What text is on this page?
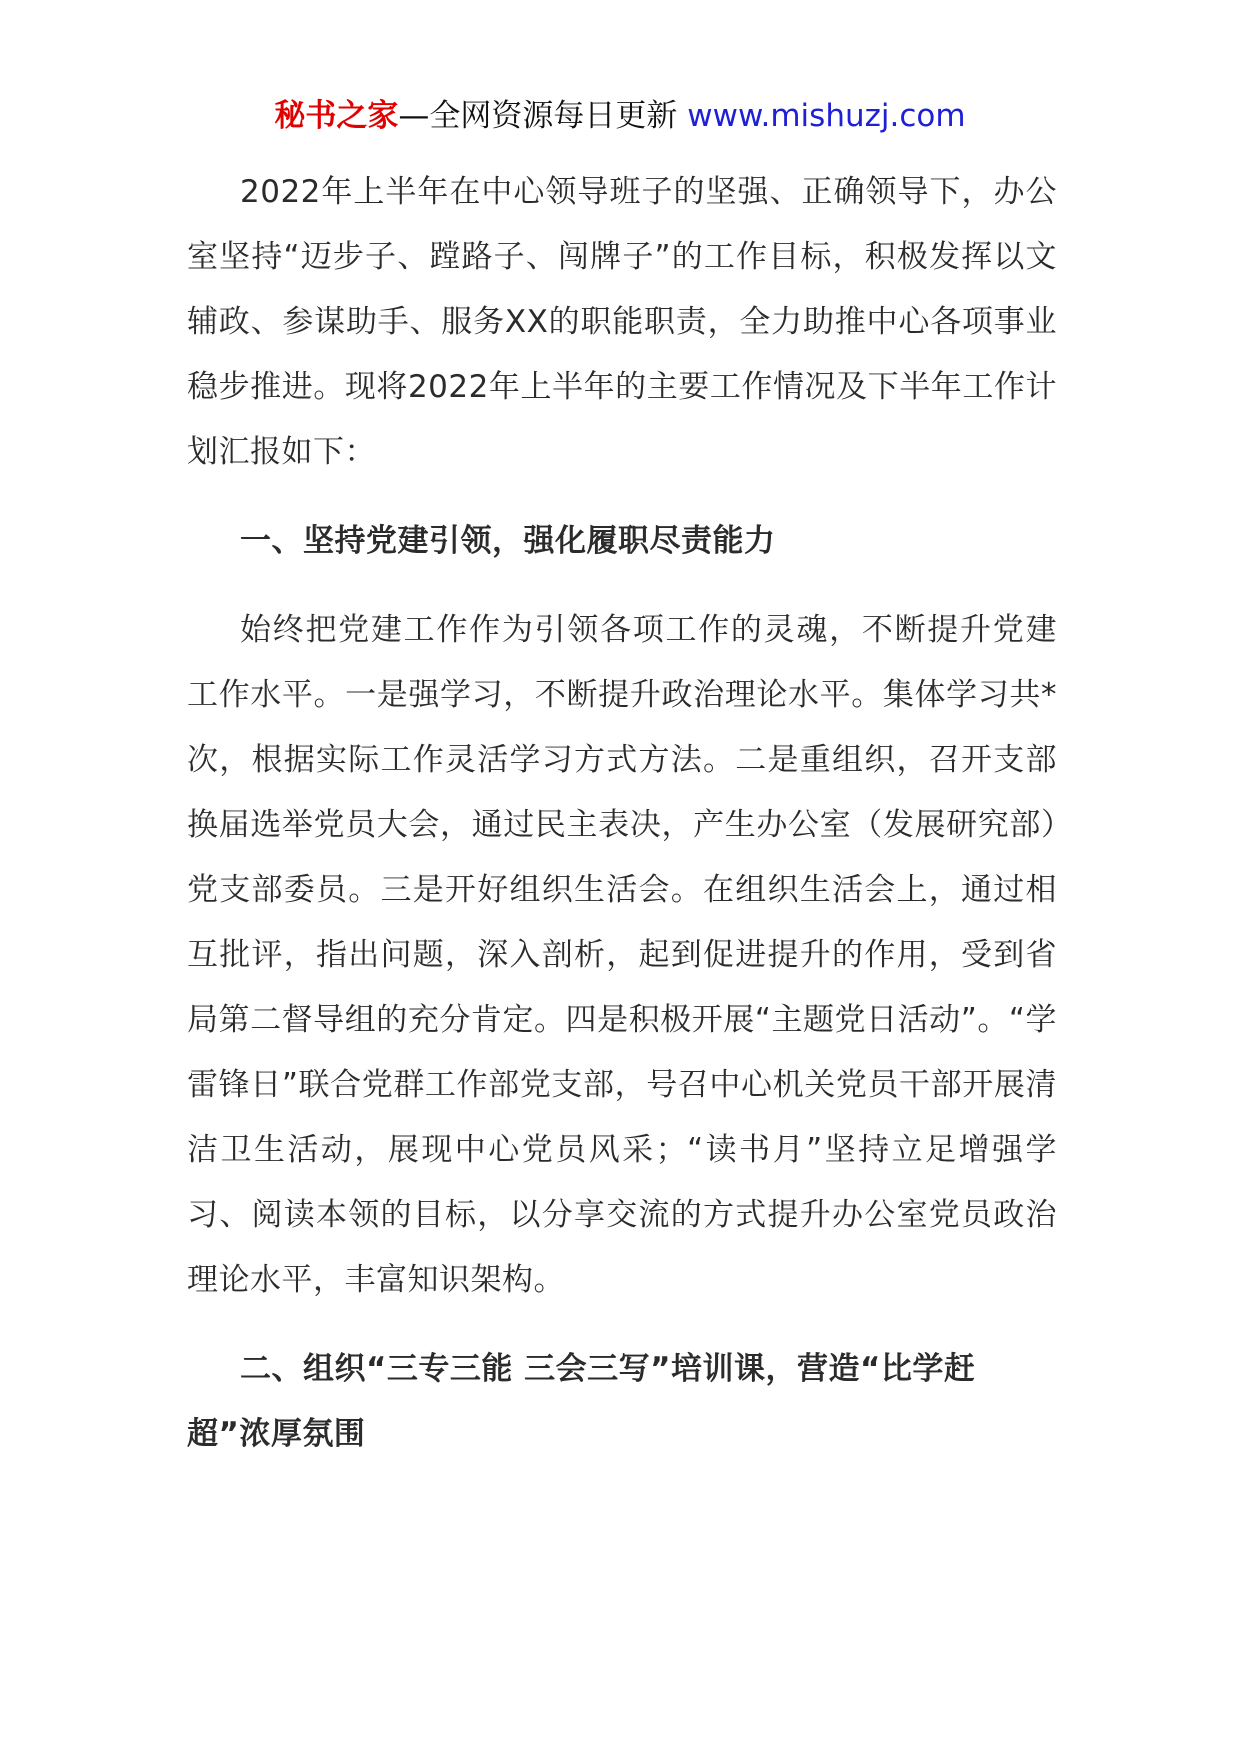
秘书之家—全网资源每日更新 www.mishuzj.com

2022年上半年在中心领导班子的坚强、正确领导下，办公室坚持“迈步子、蹚路子、闯牌子”的工作目标，积极发挥以文辅政、参谋助手、服务XX的职能职责，全力助推中心各项事业稳步推进。现将2022年上半年的主要工作情况及下半年工作计划汇报如下：

一、坚持党建引领，强化履职尽责能力

始终把党建工作作为引领各项工作的灵魂，不断提升党建工作水平。一是强学习，不断提升政治理论水平。集体学习共*次，根据实际工作灵活学习方式方法。二是重组织，召开支部换届选举党员大会，通过民主表决，产生办公室（发展研究部）党支部委员。三是开好组织生活会。在组织生活会上，通过相互批评，指出问题，深入剖析，起到促进提升的作用，受到省局第二督导组的充分肯定。四是积极开展“主题党日活动”。“学雷锋日”联合党群工作部党支部，号召中心机关党员干部开展清洁卫生活动，展现中心党员风采；“读书月”坚持立足增强学习、阅读本领的目标，以分享交流的方式提升办公室党员政治理论水平，丰富知识架构。

二、组织“三专三能 三会三写”培训课，营造“比学赶超”浓厚氛围
